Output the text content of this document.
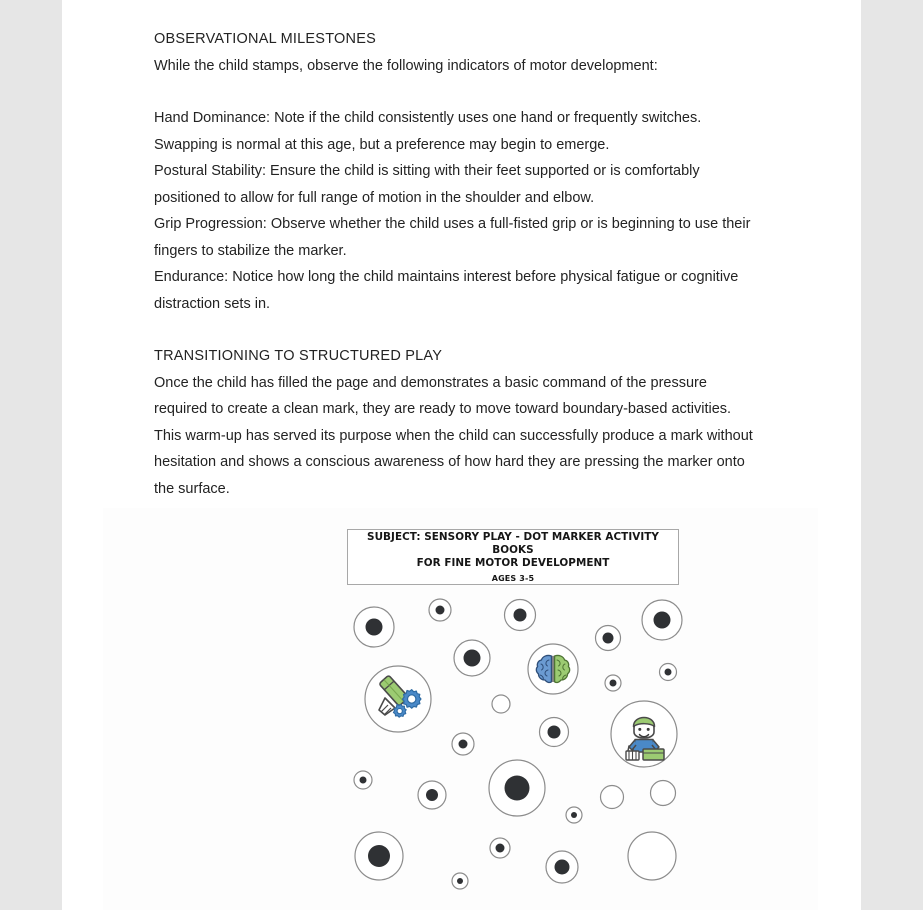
OBSERVATIONAL MILESTONES
While the child stamps, observe the following indicators of motor development:
Hand Dominance: Note if the child consistently uses one hand or frequently switches.
Swapping is normal at this age, but a preference may begin to emerge.
Postural Stability: Ensure the child is sitting with their feet supported or is comfortably
positioned to allow for full range of motion in the shoulder and elbow.
Grip Progression: Observe whether the child uses a full-fisted grip or is beginning to use their
fingers to stabilize the marker.
Endurance: Notice how long the child maintains interest before physical fatigue or cognitive
distraction sets in.
TRANSITIONING TO STRUCTURED PLAY
Once the child has filled the page and demonstrates a basic command of the pressure
required to create a clean mark, they are ready to move toward boundary-based activities.
This warm-up has served its purpose when the child can successfully produce a mark without
hesitation and shows a conscious awareness of how hard they are pressing the marker onto
the surface.
SUBJECT: SENSORY PLAY - DOT MARKER ACTIVITY BOOKS
FOR FINE MOTOR DEVELOPMENT
AGES 3-5
